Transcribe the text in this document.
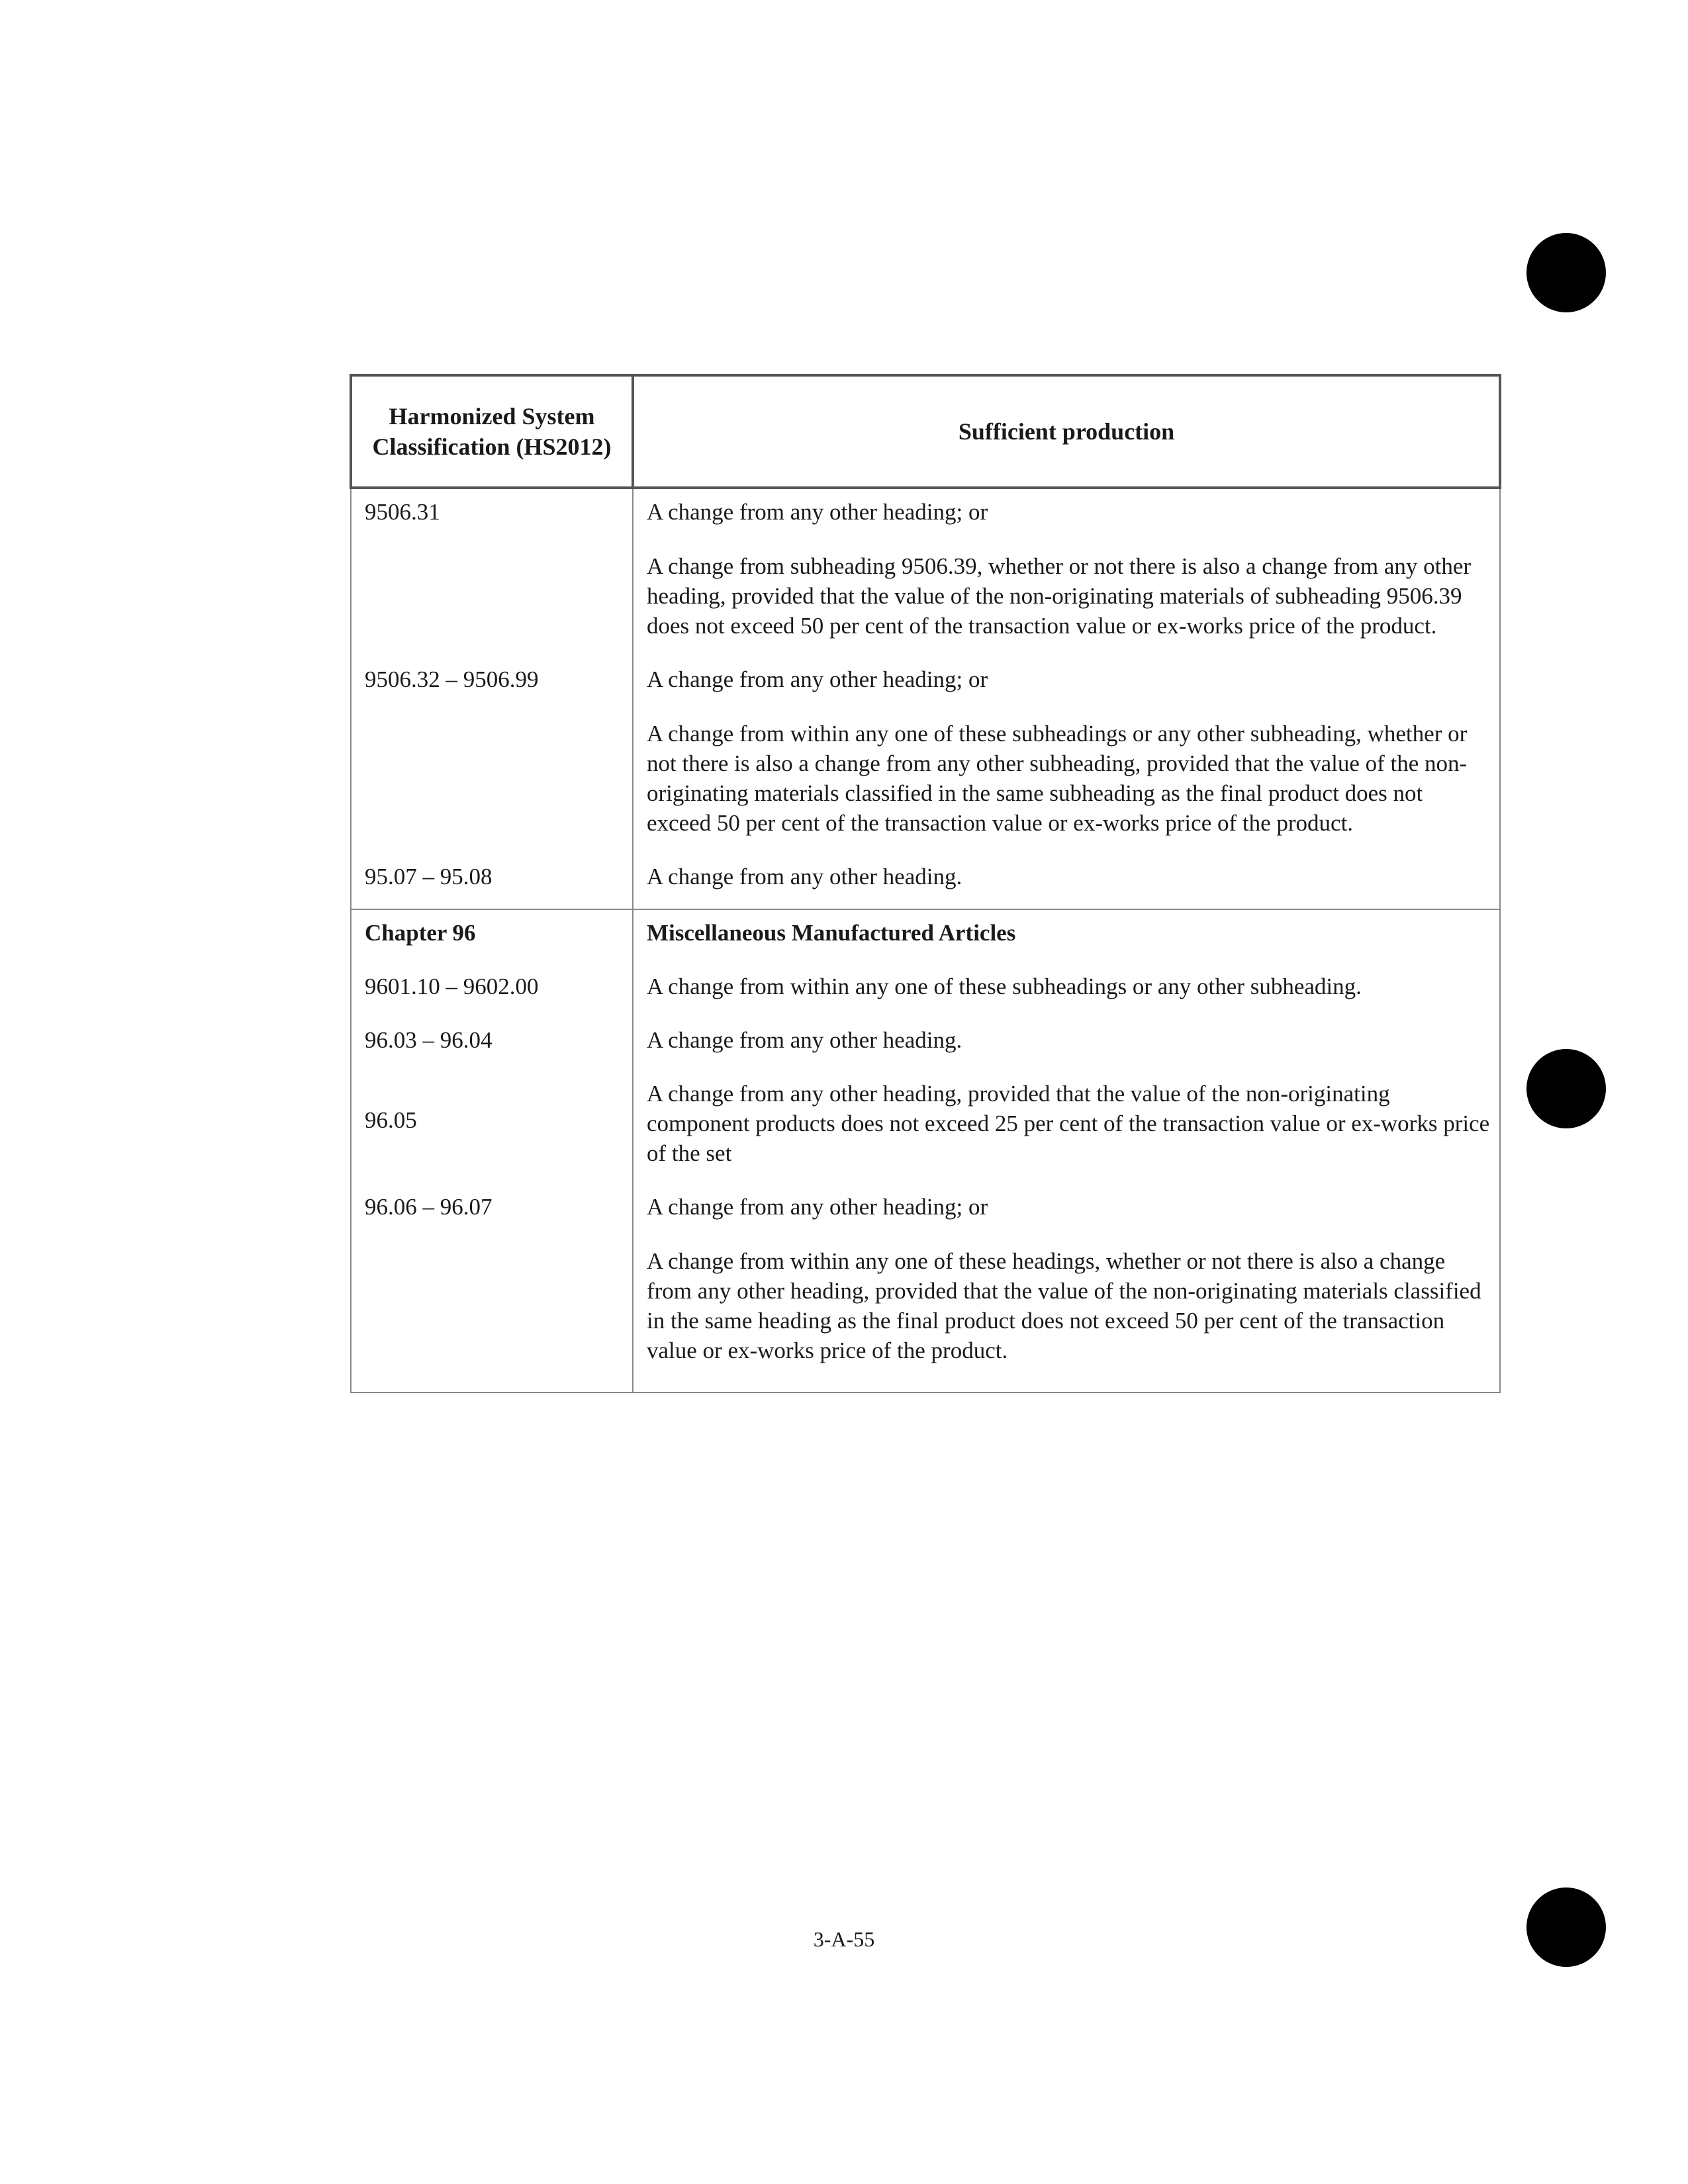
Harmonized System Classification (HS2012)	Sufficient production
9506.31	A change from any other heading; or

A change from subheading 9506.39, whether or not there is also a change from any other heading, provided that the value of the non-originating materials of subheading 9506.39 does not exceed 50 per cent of the transaction value or ex-works price of the product.

9506.32 – 9506.99	A change from any other heading; or

A change from within any one of these subheadings or any other subheading, whether or not there is also a change from any other subheading, provided that the value of the non-originating materials classified in the same subheading as the final product does not exceed 50 per cent of the transaction value or ex-works price of the product.

95.07 – 95.08	A change from any other heading.

Chapter 96	Miscellaneous Manufactured Articles
9601.10 – 9602.00	A change from within any one of these subheadings or any other subheading.

96.03 – 96.04	A change from any other heading.

96.05	A change from any other heading, provided that the value of the non-originating component products does not exceed 25 per cent of the transaction value or ex-works price of the set

96.06 – 96.07	A change from any other heading; or

A change from within any one of these headings, whether or not there is also a change from any other heading, provided that the value of the non-originating materials classified in the same heading as the final product does not exceed 50 per cent of the transaction value or ex-works price of the product.

3-A-55
